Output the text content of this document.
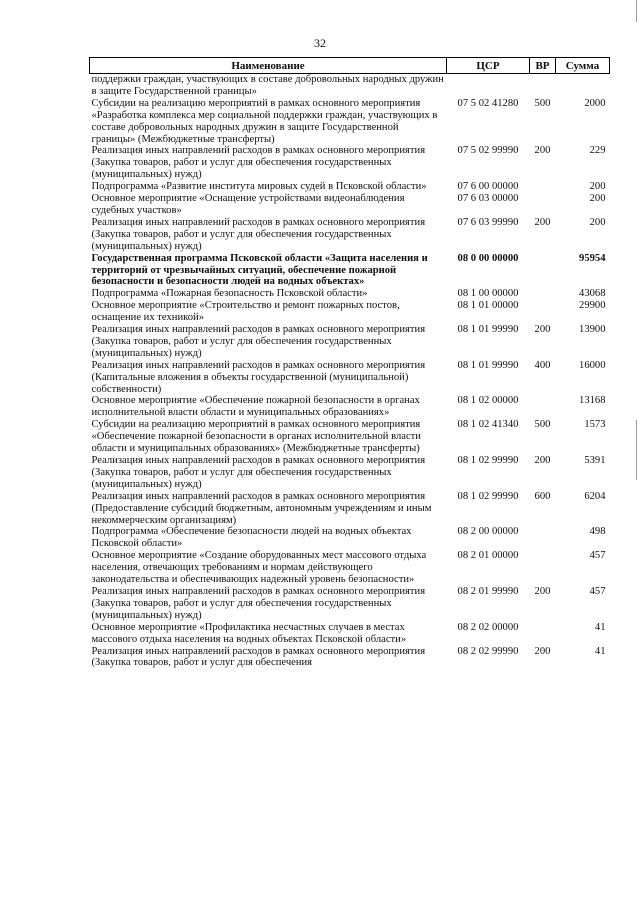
32
Наименование	ЦСР	ВР	Сумма
поддержки граждан, участвующих в составе добровольных народных дружин в защите Государственной границы»			
Субсидии на реализацию мероприятий в рамках основного мероприятия «Разработка комплекса мер социальной поддержки граждан, участвующих в составе добровольных народных дружин в защите Государственной границы» (Межбюджетные трансферты)	07 5 02 41280	500	2000
Реализация иных направлений расходов в рамках основного мероприятия (Закупка товаров, работ и услуг для обеспечения государственных (муниципальных) нужд)	07 5 02 99990	200	229
Подпрограмма «Развитие института мировых судей в Псковской области»	07 6 00 00000		200
Основное мероприятие «Оснащение устройствами видеонаблюдения судебных участков»	07 6 03 00000		200
Реализация иных направлений расходов в рамках основного мероприятия (Закупка товаров, работ и услуг для обеспечения государственных (муниципальных) нужд)	07 6 03 99990	200	200
Государственная программа Псковской области «Защита населения и территорий от чрезвычайных ситуаций, обеспечение пожарной безопасности и безопасности людей на водных объектах»	08 0 00 00000		95954
Подпрограмма «Пожарная безопасность Псковской области»	08 1 00 00000		43068
Основное мероприятие «Строительство и ремонт пожарных постов, оснащение их техникой»	08 1 01 00000		29900
Реализация иных направлений расходов в рамках основного мероприятия (Закупка товаров, работ и услуг для обеспечения государственных (муниципальных) нужд)	08 1 01 99990	200	13900
Реализация иных направлений расходов в рамках основного мероприятия (Капитальные вложения в объекты государственной (муниципальной) собственности)	08 1 01 99990	400	16000
Основное мероприятие «Обеспечение пожарной безопасности в органах исполнительной власти области и муниципальных образованиях»	08 1 02 00000		13168
Субсидии на реализацию мероприятий в рамках основного мероприятия «Обеспечение пожарной безопасности в органах исполнительной власти области и муниципальных образованиях» (Межбюджетные трансферты)	08 1 02 41340	500	1573
Реализация иных направлений расходов в рамках основного мероприятия (Закупка товаров, работ и услуг для обеспечения государственных (муниципальных) нужд)	08 1 02 99990	200	5391
Реализация иных направлений расходов в рамках основного мероприятия (Предоставление субсидий бюджетным, автономным учреждениям и иным некоммерческим организациям)	08 1 02 99990	600	6204
Подпрограмма «Обеспечение безопасности людей на водных объектах Псковской области»	08 2 00 00000		498
Основное мероприятие «Создание оборудованных мест массового отдыха населения, отвечающих требованиям и нормам действующего законодательства и обеспечивающих надежный уровень безопасности»	08 2 01 00000		457
Реализация иных направлений расходов в рамках основного мероприятия (Закупка товаров, работ и услуг для обеспечения государственных (муниципальных) нужд)	08 2 01 99990	200	457
Основное мероприятие «Профилактика несчастных случаев в местах массового отдыха населения на водных объектах Псковской области»	08 2 02 00000		41
Реализация иных направлений расходов в рамках основного мероприятия (Закупка товаров, работ и услуг для обеспечения	08 2 02 99990	200	41
